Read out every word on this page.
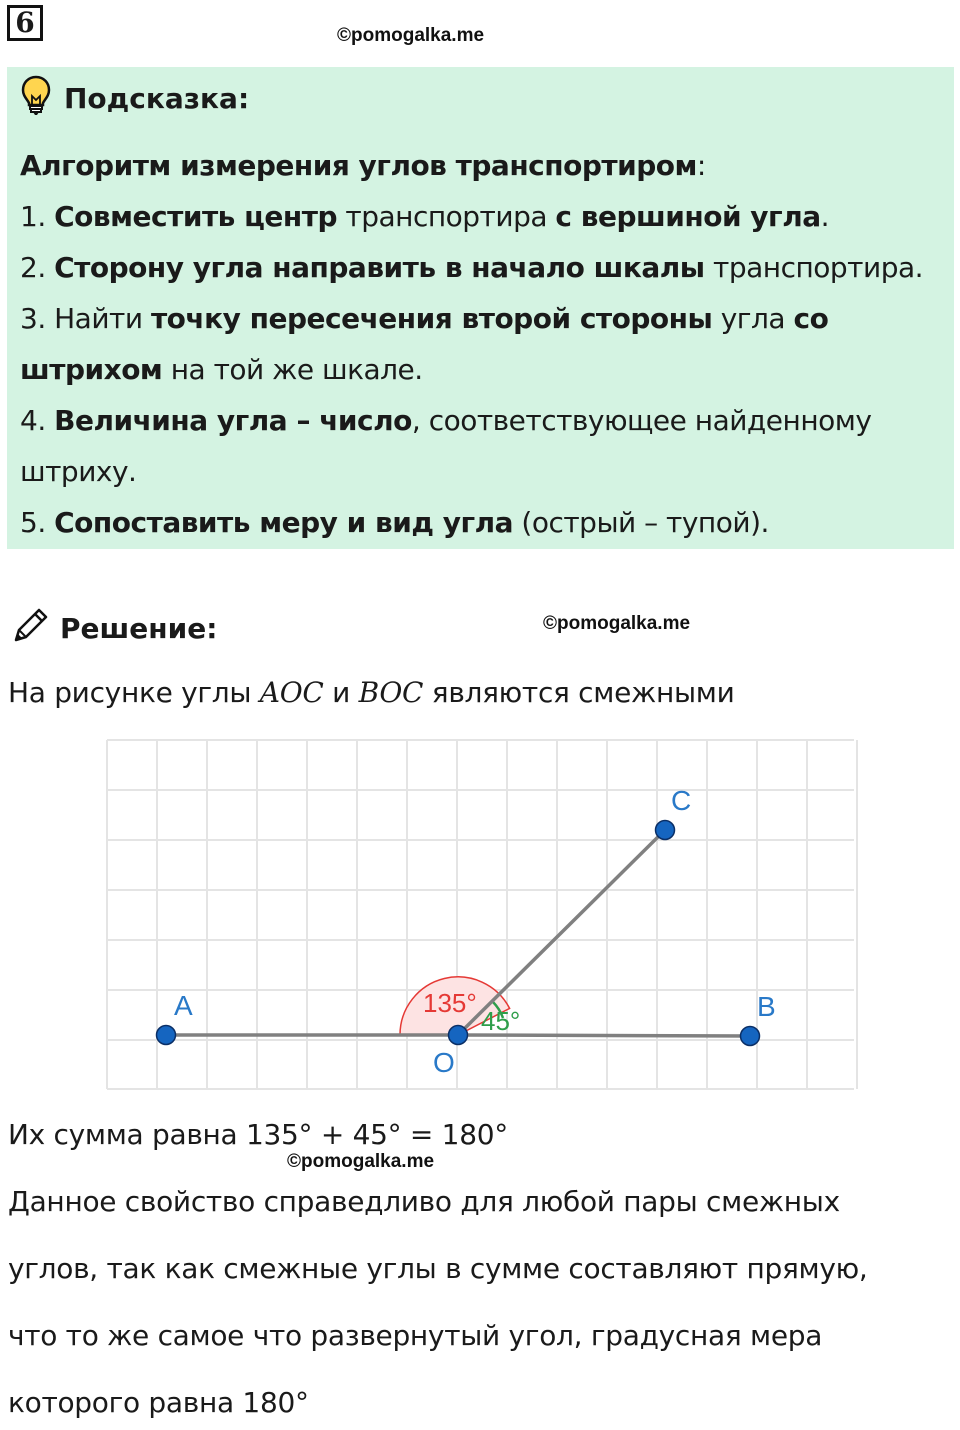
6	©pomogalka.me
Подсказка:
Алгоритм измерения углов транспортиром:
1. Совместить центр транспортира с вершиной угла.
2. Сторону угла направить в начало шкалы транспортира.
3. Найти точку пересечения второй стороны угла со
штрихом на той же шкале.
4. Величина угла – число, соответствующее найденному
штриху.
5. Сопоставить меру и вид угла (острый – тупой).
Решение:	©pomogalka.me
На рисунке углы AOC и BOC являются смежными
135°
45°
A
O
B
C
Их сумма равна 135° + 45° = 180°
©pomogalka.me
Данное свойство справедливо для любой пары смежных
углов, так как смежные углы в сумме составляют прямую,
что то же самое что развернутый угол, градусная мера
которого равна 180°
